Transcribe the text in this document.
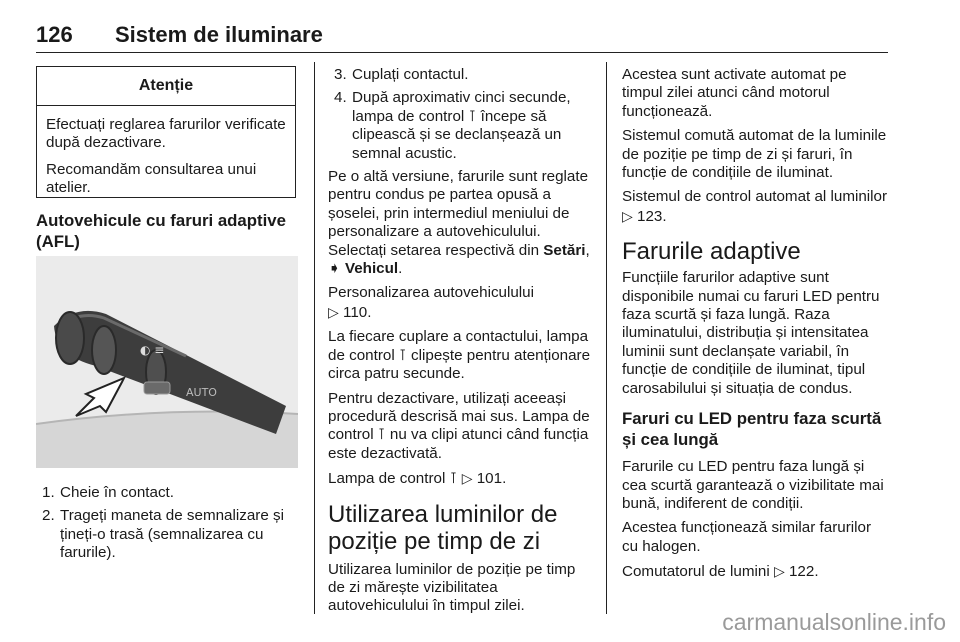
126 Sistem de iluminare
Atenție

Efectuați reglarea farurilor verificate după dezactivare.

Recomandăm consultarea unui atelier.

Autovehicule cu faruri adaptive (AFL)
◐ ≡
AUTO
1. Cheie în contact.
2. Trageți maneta de semnalizare și țineți-o trasă (semnalizarea cu farurile).
3. Cuplați contactul.
4. După aproximativ cinci secunde, lampa de control ⊺ începe să clipească și se declanșează un semnal acustic.

Pe o altă versiune, farurile sunt reglate pentru condus pe partea opusă a șoselei, prin intermediul meniului de personalizare a autovehiculului. Selectați setarea respectivă din Setări, ➧ Vehicul.

Personalizarea autovehiculului
▷ 110.

La fiecare cuplare a contactului, lampa de control ⊺ clipește pentru atenționare circa patru secunde.

Pentru dezactivare, utilizați aceeași procedură descrisă mai sus. Lampa de control ⊺ nu va clipi atunci când funcția este dezactivată.

Lampa de control ⊺ ▷ 101.

Utilizarea luminilor de poziție pe timp de zi

Utilizarea luminilor de poziție pe timp de zi mărește vizibilitatea autovehiculului în timpul zilei.

Acestea sunt activate automat pe timpul zilei atunci când motorul funcționează.

Sistemul comută automat de la luminile de poziție pe timp de zi și faruri, în funcție de condițiile de iluminat.

Sistemul de control automat al luminilor
▷ 123.

Farurile adaptive

Funcțiile farurilor adaptive sunt disponibile numai cu faruri LED pentru faza scurtă și faza lungă. Raza iluminatului, distribuția și intensitatea luminii sunt declanșate variabil, în funcție de condițiile de iluminat, tipul carosabilului și situația de condus.

Faruri cu LED pentru faza scurtă și cea lungă

Farurile cu LED pentru faza lungă și cea scurtă garantează o vizibilitate mai bună, indiferent de condiții.

Acestea funcționează similar farurilor cu halogen.

Comutatorul de lumini ▷ 122.

carmanualsonline.info
